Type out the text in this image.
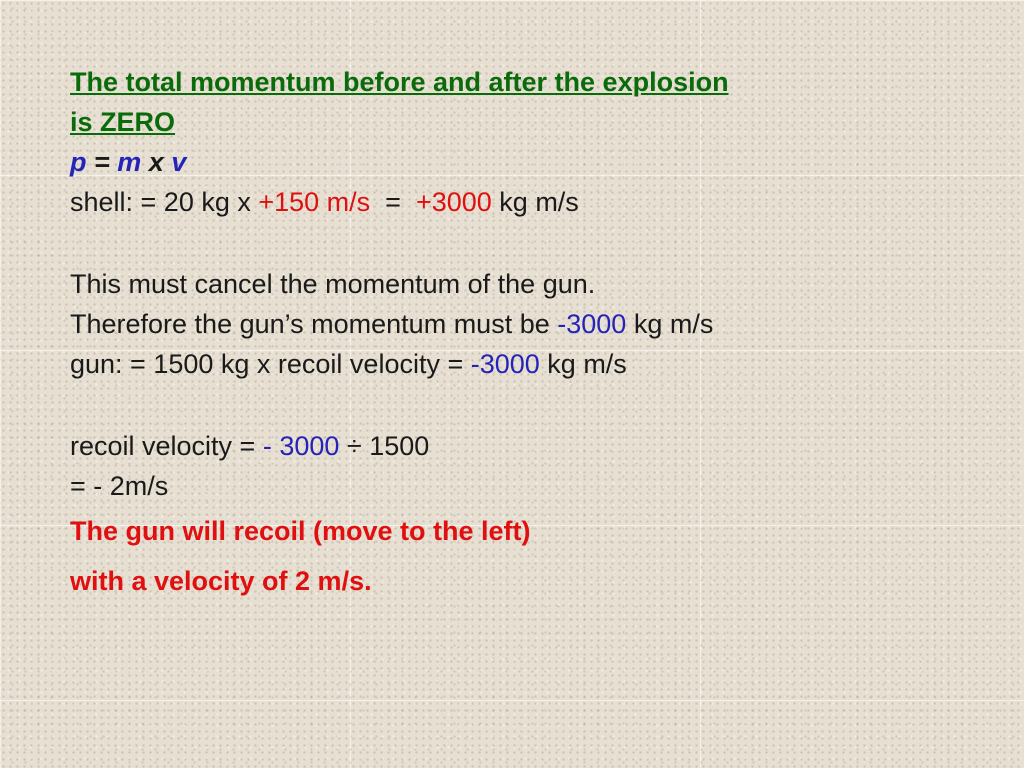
The total momentum before and after the explosion
is ZERO
p = m x v
shell: = 20 kg x +150 m/s  =  +3000 kg m/s
This must cancel the momentum of the gun.
Therefore the gun’s momentum must be -3000 kg m/s
gun: = 1500 kg x recoil velocity = -3000 kg m/s
recoil velocity = - 3000 ÷ 1500
= - 2m/s
The gun will recoil (move to the left)
with a velocity of 2 m/s.
